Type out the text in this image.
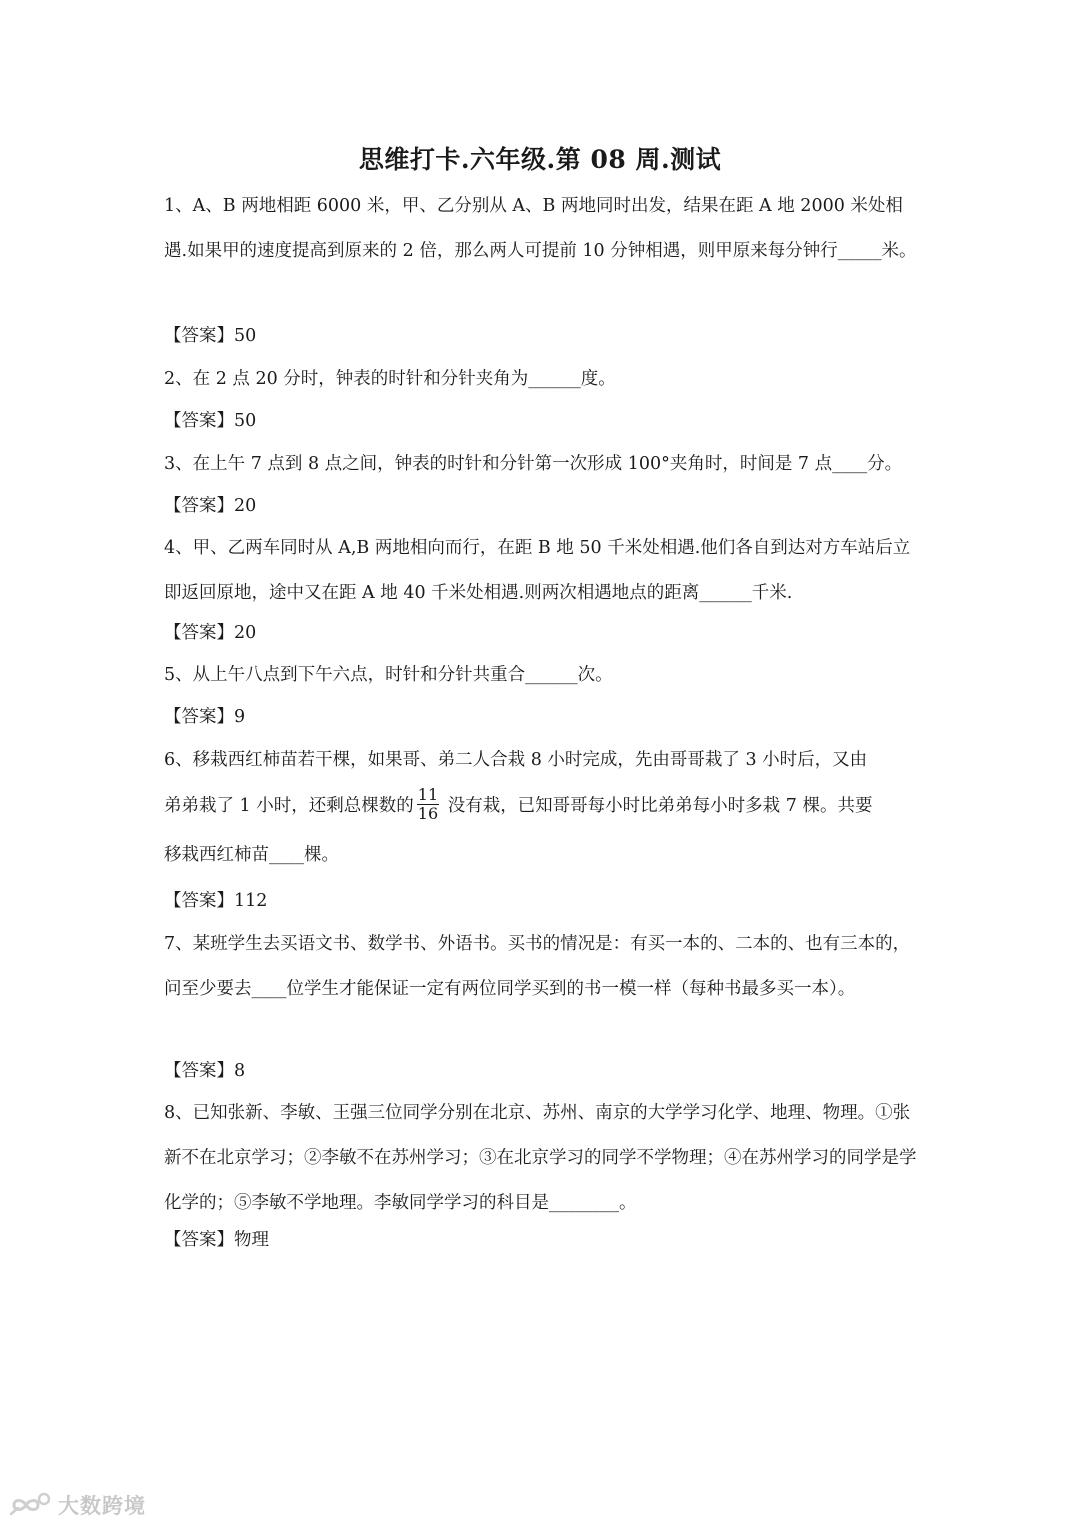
思维打卡.六年级.第 08 周.测试
1、A、B 两地相距 6000 米，甲、乙分别从 A、B 两地同时出发，结果在距 A 地 2000 米处相遇.如果甲的速度提高到原来的 2 倍，那么两人可提前 10 分钟相遇，则甲原来每分钟行_____米。
【答案】50
2、在 2 点 20 分时，钟表的时针和分针夹角为______度。
【答案】50
3、在上午 7 点到 8 点之间，钟表的时针和分针第一次形成 100°夹角时，时间是 7 点____分。
【答案】20
4、甲、乙两车同时从 A,B 两地相向而行，在距 B 地 50 千米处相遇.他们各自到达对方车站后立即返回原地，途中又在距 A 地 40 千米处相遇.则两次相遇地点的距离______千米.
【答案】20
5、从上午八点到下午六点，时针和分针共重合______次。
【答案】9
6、移栽西红柿苗若干棵，如果哥、弟二人合栽 8 小时完成，先由哥哥栽了 3 小时后，又由
弟弟栽了 1 小时，还剩总棵数的 $\frac{11}{16}$ 没有栽，已知哥哥每小时比弟弟每小时多栽 7 棵。共要
移栽西红柿苗____棵。
【答案】112
7、某班学生去买语文书、数学书、外语书。买书的情况是：有买一本的、二本的、也有三本的，问至少要去____位学生才能保证一定有两位同学买到的书一模一样（每种书最多买一本）。
【答案】8
8、已知张新、李敏、王强三位同学分别在北京、苏州、南京的大学学习化学、地理、物理。①张新不在北京学习；②李敏不在苏州学习；③在北京学习的同学不学物理；④在苏州学习的同学是学化学的；⑤李敏不学地理。李敏同学学习的科目是________。
【答案】物理
大数跨境
